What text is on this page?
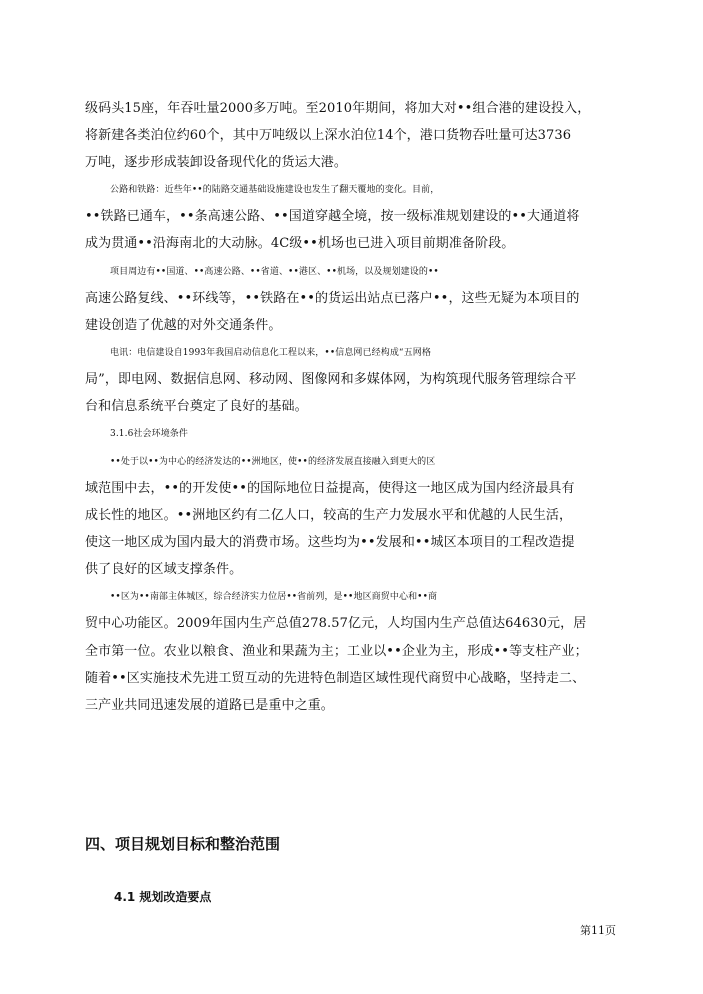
级码头15座，年吞吐量2000多万吨。至2010年期间，将加大对••组合港的建设投入，
将新建各类泊位约60个，其中万吨级以上深水泊位14个，港口货物吞吐量可达3736
万吨，逐步形成装卸设备现代化的货运大港。
公路和铁路：近些年••的陆路交通基础设施建设也发生了翻天覆地的变化。目前，
••铁路已通车，••条高速公路、••国道穿越全境，按一级标准规划建设的••大通道将
成为贯通••沿海南北的大动脉。4C级••机场也已进入项目前期准备阶段。
项目周边有••国道、••高速公路、••省道、••港区、••机场，以及规划建设的••
高速公路复线、••环线等，••铁路在••的货运出站点已落户••，这些无疑为本项目的
建设创造了优越的对外交通条件。
电讯：电信建设自1993年我国启动信息化工程以来，••信息网已经构成“五网格
局”，即电网、数据信息网、移动网、图像网和多媒体网，为构筑现代服务管理综合平
台和信息系统平台奠定了良好的基础。
3.1.6社会环境条件
••处于以••为中心的经济发达的••洲地区，使••的经济发展直接融入到更大的区
域范围中去，••的开发使••的国际地位日益提高，使得这一地区成为国内经济最具有
成长性的地区。••洲地区约有二亿人口，较高的生产力发展水平和优越的人民生活，
使这一地区成为国内最大的消费市场。这些均为••发展和••城区本项目的工程改造提
供了良好的区域支撑条件。
••区为••南部主体城区，综合经济实力位居••省前列，是••地区商贸中心和••商
贸中心功能区。2009年国内生产总值278.57亿元，人均国内生产总值达64630元，居
全市第一位。农业以粮食、渔业和果蔬为主；工业以••企业为主，形成••等支柱产业；
随着••区实施技术先进工贸互动的先进特色制造区域性现代商贸中心战略，坚持走二、
三产业共同迅速发展的道路已是重中之重。
四、项目规划目标和整治范围
4.1 规划改造要点
第11页
